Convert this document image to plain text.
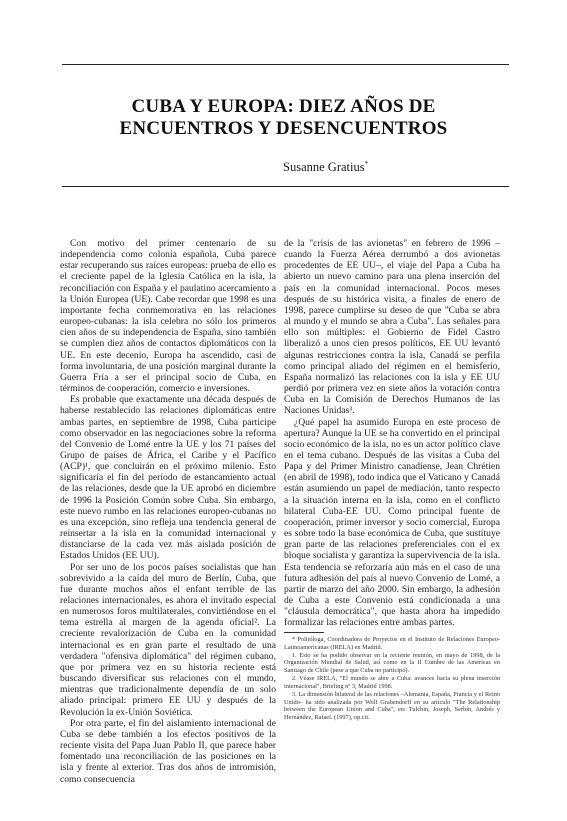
CUBA Y EUROPA: DIEZ AÑOS DE
ENCUENTROS Y DESENCUENTROS
Susanne Gratius*

Con motivo del primer centenario de su independencia como colonia española, Cuba parece estar recuperando sus raíces europeas: prueba de ello es el creciente papel de la Iglesia Católica en la isla, la reconciliación con España y el paulatino acercamiento a la Unión Europea (UE). Cabe recordar que 1998 es una importante fecha conmemorativa en las relaciones europeo-cubanas: la isla celebra no sólo los primeros cien años de su independencia de España, sino también se cumplen diez años de contactos diplomáticos con la UE. En este decenio, Europa ha ascendido, casi de forma involuntaria, de una posición marginal durante la Guerra Fría a ser el principal socio de Cuba, en términos de cooperación, comercio e inversiones.

Es probable que exactamente una década después de haberse restablecido las relaciones diplomáticas entre ambas partes, en septiembre de 1998, Cuba participe como observador en las negociaciones sobre la reforma del Convenio de Lomé entre la UE y los 71 países del Grupo de países de África, el Caribe y el Pacífico (ACP)¹, que concluirán en el próximo milenio. Esto significaría el fin del período de estancamiento actual de las relaciones, desde que la UE aprobó en diciembre de 1996 la Posición Común sobre Cuba. Sin embargo, este nuevo rumbo en las relaciones europeo-cubanas no es una excepción, sino refleja una tendencia general de reinsertar a la isla en la comunidad internacional y distanciarse de la cada vez más aislada posición de Estados Unidos (EE UU).

Por ser uno de los pocos países socialistas que han sobrevivido a la caída del muro de Berlín, Cuba, que fue durante muchos años el enfant terrible de las relaciones internacionales, es ahora el invitado especial en numerosos foros multilaterales, convirtiéndose en el tema estrella al margen de la agenda oficial². La creciente revalorización de Cuba en la comunidad internacional es en gran parte el resultado de una verdadera "ofensiva diplomática" del régimen cubano, que por primera vez en su historia reciente está buscando diversificar sus relaciones con el mundo, mientras que tradicionalmente dependía de un solo aliado principal: primero EE UU y después de la Revolución la ex-Unión Soviética.

Por otra parte, el fin del aislamiento internacional de Cuba se debe también a los efectos positivos de la reciente visita del Papa Juan Pablo II, que parece haber fomentado una reconciliación de las posiciones en la isla y frente al exterior. Tras dos años de intromisión, como consecuencia

de la "crisis de las avionetas" en febrero de 1996 –cuando la Fuerza Aérea derrumbó a dos avionetas procedentes de EE UU–, el viaje del Papa a Cuba ha abierto un nuevo camino para una plena inserción del país en la comunidad internacional. Pocos meses después de su histórica visita, a finales de enero de 1998, parece cumplirse su deseo de que "Cuba se abra al mundo y el mundo se abra a Cuba". Las señales para ello son múltiples: el Gobierno de Fidel Castro liberalizó a unos cien presos políticos, EE UU levantó algunas restricciones contra la isla, Canadá se perfila como principal aliado del régimen en el hemisferio, España normalizó las relaciones con la isla y EE UU perdió por primera vez en siete años la votación contra Cuba en la Comisión de Derechos Humanos de las Naciones Unidas³.

¿Qué papel ha asumido Europa en este proceso de apertura? Aunque la UE se ha convertido en el principal socio económico de la isla, no es un actor político clave en el tema cubano. Después de las visitas a Cuba del Papa y del Primer Ministro canadiense, Jean Chrétien (en abril de 1998), todo indica que el Vaticano y Canadá están asumiendo un papel de mediación, tanto respecto a la situación interna en la isla, como en el conflicto bilateral Cuba-EE UU. Como principal fuente de cooperación, primer inversor y socio comercial, Europa es sobre todo la base económica de Cuba, que sustituye gran parte de las relaciones preferenciales con el ex bloque socialista y garantiza la supervivencia de la isla. Esta tendencia se reforzaría aún más en el caso de una futura adhesión del país al nuevo Convenio de Lomé, a partir de marzo del año 2000. Sin embargo, la adhesión de Cuba a este Convenio está condicionada a una "cláusula democrática", que hasta ahora ha impedido formalizar las relaciones entre ambas partes.

* Politóloga, Coordinadora de Proyectos en el Instituto de Relaciones Europeo-Latinoamericanas (IRELA) en Madrid.

1. Esto se ha podido observar en la reciente reunión, en mayo de 1998, de la Organización Mundial de Salud, así como en la II Cumbre de las Américas en Santiago de Chile (pese a que Cuba no participó).

2. Véase IRELA, "El mundo se abre a Cuba: avances hacia su plena inserción internacional", Briefing nº 3, Madrid 1998.

3. La dimensión bilateral de las relaciones –Alemania, España, Francia y el Reino Unido– ha sido analizada por Wolf Grabendorff en su artículo "The Relationship between the European Union and Cuba", en: Tulchin, Joseph, Serbín, Andrés y Hernández, Rafael. (1997), op.cit.
